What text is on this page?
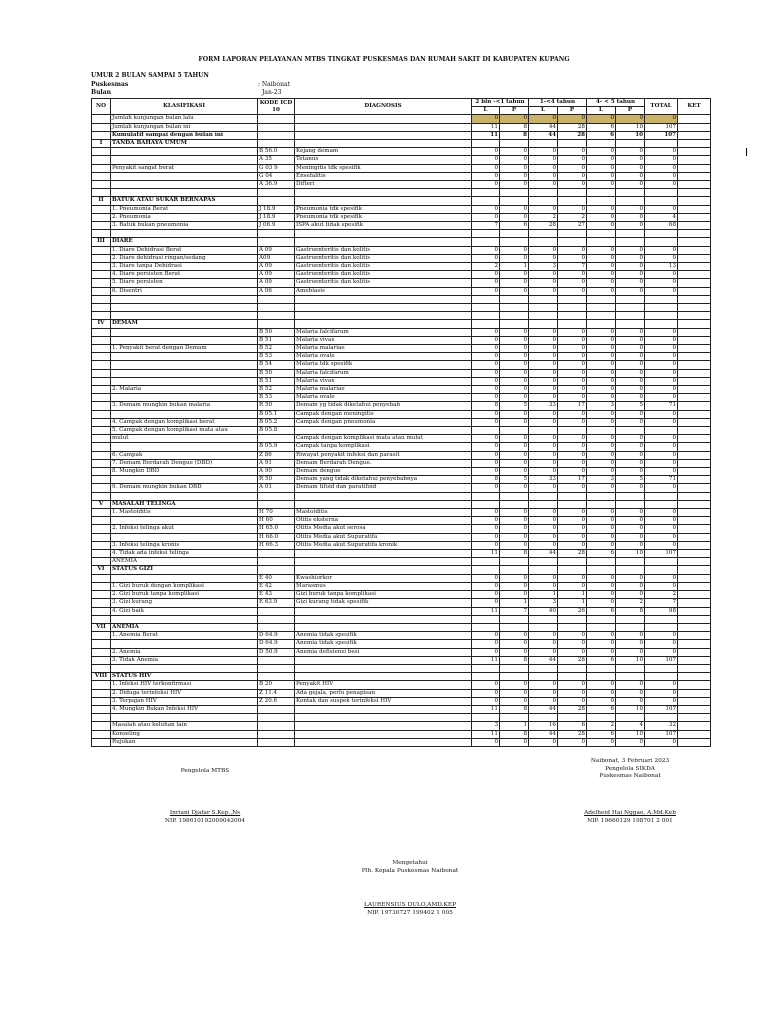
FORM LAPORAN PELAYANAN MTBS TINGKAT PUSKESMAS DAN RUMAH SAKIT DI KABUPATEN KUPANG
UMUR 2 BULAN SAMPAI 5 TAHUN
Puskesmas	: Naibonat
Bulan	Jan-23
NO	KLASIFIKASI	KODE ICD 10	DIAGNOSIS	2 bln -<1 tahun		1-<4 tahun		4- < 5 tahun		TOTAL	KET
				L	P	L	P	L	P		
	Jumlah kunjungan bulan lalu			0	0	0	0	0	0	0	
	Jumlah kunjungan bulan ini			11	8	44	28	6	10	107	
	Kumulatif sampai dengan bulan ini			11	8	44	28	6	10	107	
I	TANDA BAHAYA UMUM										
		B 56.0	Kejang demam	0	0	0	0	0	0	0	
		A 35	Tetanus	0	0	0	0	0	0	0	
	Penyakit sangat berat	G 03 9	Meningitis tdk spesifik	0	0	0	0	0	0	0	
		G 04	Ensefalitis	0	0	0	0	0	0	0	
		A 36.9	Difteri	0	0	0	0	0	0	0	

II	BATUK ATAU SUKAR BERNAPAS										
	1. Pneumonia Berat	J 18.9	Pneumonia tdk spesifik	0	0	0	0	0	0	0	
	2. Pneumonia	J 18.9	Pneumonia tdk spesifik	0	0	2	2	0	0	4	
	3. Batuk bukan pneumonia	J 06.9	ISPA akut tidak spesifik	7	6	28	27	0	0	68	

III	DIARE										
	1. Diare Dehidrasi Berat	A 09	Gastroenteritis dan kolitis	0	0	0	0	0	0	0	
	2. Diare dehidrasi ringan/sedang	A09	Gastroenteritis dan kolitis	0	0	0	0	0	0	0	
	3. Diare tanpa Dehidrasi	A 09	Gastroenteritis dan kolitis	2	1	3	7	0	0	13	
	4. Diare persisten Berat	A 09	Gastroenteritis dan kolitis	0	0	0	0	0	0	0	
	5. Diare persisten	A 09	Gastroenteritis dan kolitis	0	0	0	0	0	0	0	
	6. Disentri	A 06	Amebiasis	0	0	0	0	0	0	0	

IV	DEMAM										
		B 50	Malaria falcifarum	0	0	0	0	0	0	0	
		B 51	Malaria vivax	0	0	0	0	0	0	0	
	1. Penyakit berat dengan Demam	B 52	Malaria malariae	0	0	0	0	0	0	0	
		B 53	Malaria ovale	0	0	0	0	0	0	0	
		B 54	Malaria tdk spesifik	0	0	0	0	0	0	0	
		B 50	Malaria falcifarum	0	0	0	0	0	0	0	
		B 51	Malaria vivax	0	0	0	0	0	0	0	
	2. Malaria	B 52	Malaria malariae	0	0	0	0	0	0	0	
		B 53	Malaria ovale	0	0	0	0	0	0	0	
	3. Demam mungkin bukan malaria	R 50	Demam yg tidak diketahui penyebab	8	5	33	17	3	5	71	
		B 05.1	Campak dengan meningitis	0	0	0	0	0	0	0	
	4. Campak dengan komplikasi berat	B 05.2	Campak dengan pneumonia	0	0	0	0	0	0	0	
	5. Campak dengan komplikasi mata atau	B 05.8									
	mulut		Campak dengan komplikasi mata atau mulut	0	0	0	0	0	0	0	
		B 05.9	Campak tanpa komplikasi	0	0	0	0	0	0	0	
	6. Campak	Z 86	Riwayat penyakit infeksi dan parasit	0	0	0	0	0	0	0	
	7. Demam Berdarah Dengue (DBD)	A 91	Demam Berdarah Dengue.	0	0	0	0	0	0	0	
	8. Mungkin DBD	A 90	Demam dengue	0	0	0	0	0	0	0	
		R 50	Demam yang tidak diketahui penyebabnya	8	5	33	17	3	5	71	
	9. Demam mungkin bukan DBD	A 01	Demam tifoid dan paratifoid	0	0	0	0	0	0	0	

V	MASALAH TELINGA										
	1. Mastoiditis	H 70	Mastoiditis	0	0	0	0	0	0	0	
		H 60	Otitis eksterna	0	0	0	0	0	0	0	
	2. Infeksi telinga akut	H 65.0	Otitis Media akut serosa	0	0	0	0	0	0	0	
		H 66.0	Otitis Media akut Supuratifa	0	0	0	0	0	0	0	
	3. Infeksi telinga kronis	H 66.3	Otitis Media akut Supuratifa kronik	0	0	0	0	0	0	0	
	4. Tidak ada infeksi telinga			11	8	44	28	6	10	107	
	ANEMIA										
VI	STATUS GIZI										
		E 40	Kwashiorkor	0	0	0	0	0	0	0	
	1. Gizi buruk dengan komplikasi	E 42	Marasmus	0	0	0	0	0	0	0	
	2. Gizi buruk tanpa komplikasi	E 43	Gizi buruk tanpa komplikasi	0	0	1	1	0	0	2	
	3. Gizi kurang	E 63.9	Gizi kurang tidak spesifik	0	1	3	1	0	2	7	
	4. Gizi baik			11	7	40	26	6	8	98	

VII	ANEMIA										
	1. Anemia Berat	D 64.9	Anemia tidak spesifik	0	0	0	0	0	0	0	
		D 64.9	Anemia tidak spesifik	0	0	0	0	0	0	0	
	2. Anemia	D 50.9	Anemia defisiensi besi	0	0	0	0	0	0	0	
	3. Tidak Anemia			11	8	44	28	6	10	107	

VIII	STATUS HIV										
	1. Infeksi HIV terkonfirmasi	B 20	Penyakit HIV	0	0	0	0	0	0	0	
	2. Diduga terinfeksi HIV	Z 11.4	Ada gejala, perlu penapisan	0	0	0	0	0	0	0	
	3. Terpajan HIV	Z 20.6	Kontak dan suspek terinfeksi HIV	0	0	0	0	0	0	0	
	4. Mungkin Bukan Infeksi HIV			11	8	44	28	6	10	107	

	Masalah atau keluhan lain			3	1	16	6	2	4	32	
	Konseling			11	8	44	28	6	10	107	
	Rujukan			0	0	0	0	0	0	0	
Pengelola MTBS
Inriani Djafar S.Kep.,Ns
NIP. 198610192009042004
Naibonat, 3 Februari 2023
Pengelola SIKDA
Puskesmas Naibonat
Adelheid Hai Nggae, A.Md.Keb
NIP. 19660129 198701 2 001
Mengetahui
Plh. Kepala Puskesmas Naibonat
LAURENSIUS DULO,AMD.KEP
NIP. 19730727 199402 1 005
